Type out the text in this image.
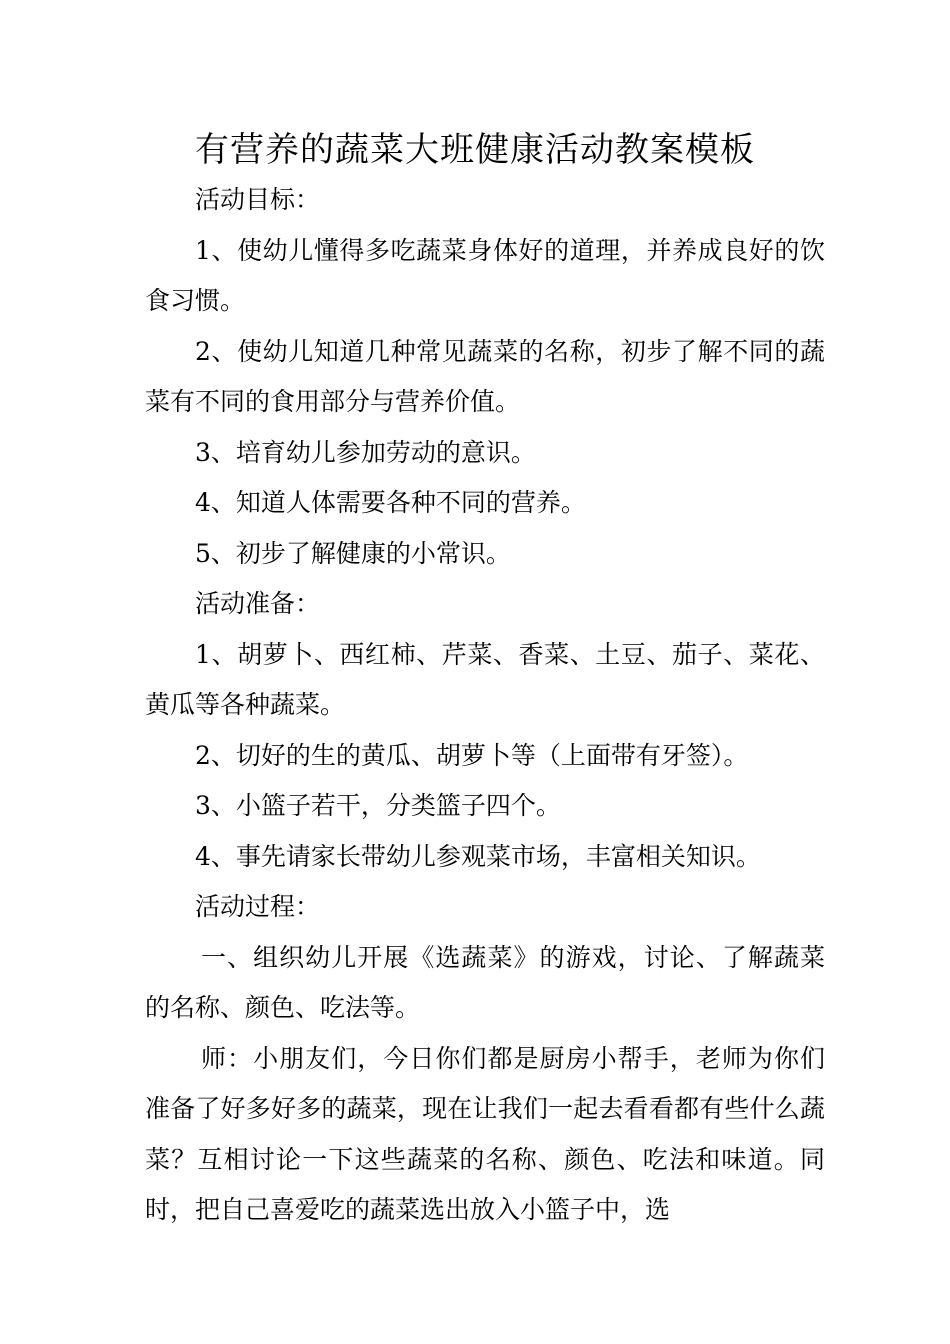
有营养的蔬菜大班健康活动教案模板

活动目标：

1、使幼儿懂得多吃蔬菜身体好的道理，并养成良好的饮食习惯。

2、使幼儿知道几种常见蔬菜的名称，初步了解不同的蔬菜有不同的食用部分与营养价值。

3、培育幼儿参加劳动的意识。

4、知道人体需要各种不同的营养。

5、初步了解健康的小常识。

活动准备：

1、胡萝卜、西红柿、芹菜、香菜、土豆、茄子、菜花、黄瓜等各种蔬菜。

2、切好的生的黄瓜、胡萝卜等（上面带有牙签）。

3、小篮子若干，分类篮子四个。

4、事先请家长带幼儿参观菜市场，丰富相关知识。

活动过程：

一、组织幼儿开展《选蔬菜》的游戏，讨论、了解蔬菜的名称、颜色、吃法等。

师：小朋友们，今日你们都是厨房小帮手，老师为你们准备了好多好多的蔬菜，现在让我们一起去看看都有些什么蔬菜？互相讨论一下这些蔬菜的名称、颜色、吃法和味道。同时，把自己喜爱吃的蔬菜选出放入小篮子中，选
